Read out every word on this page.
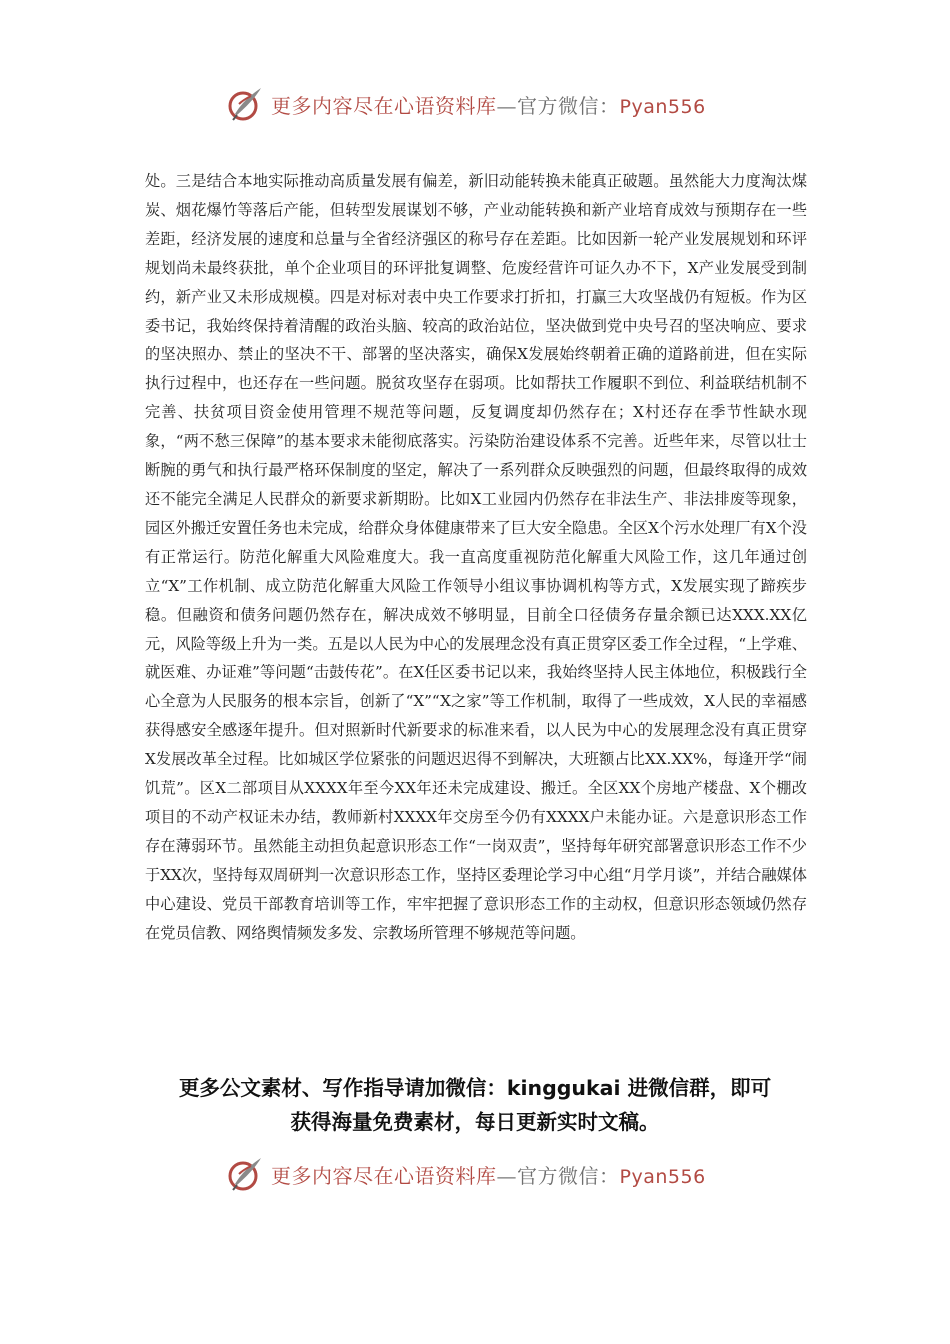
更多内容尽在心语资料库—官方微信：Pyan556

处。三是结合本地实际推动高质量发展有偏差，新旧动能转换未能真正破题。虽然能大力度淘汰煤炭、烟花爆竹等落后产能，但转型发展谋划不够，产业动能转换和新产业培育成效与预期存在一些差距，经济发展的速度和总量与全省经济强区的称号存在差距。比如因新一轮产业发展规划和环评规划尚未最终获批，单个企业项目的环评批复调整、危废经营许可证久办不下，X产业发展受到制约，新产业又未形成规模。四是对标对表中央工作要求打折扣，打赢三大攻坚战仍有短板。作为区委书记，我始终保持着清醒的政治头脑、较高的政治站位，坚决做到党中央号召的坚决响应、要求的坚决照办、禁止的坚决不干、部署的坚决落实，确保X发展始终朝着正确的道路前进，但在实际执行过程中，也还存在一些问题。脱贫攻坚存在弱项。比如帮扶工作履职不到位、利益联结机制不完善、扶贫项目资金使用管理不规范等问题，反复调度却仍然存在；X村还存在季节性缺水现象，“两不愁三保障”的基本要求未能彻底落实。污染防治建设体系不完善。近些年来，尽管以壮士断腕的勇气和执行最严格环保制度的坚定，解决了一系列群众反映强烈的问题，但最终取得的成效还不能完全满足人民群众的新要求新期盼。比如X工业园内仍然存在非法生产、非法排废等现象，园区外搬迁安置任务也未完成，给群众身体健康带来了巨大安全隐患。全区X个污水处理厂有X个没有正常运行。防范化解重大风险难度大。我一直高度重视防范化解重大风险工作，这几年通过创立“X”工作机制、成立防范化解重大风险工作领导小组议事协调机构等方式，X发展实现了蹄疾步稳。但融资和债务问题仍然存在，解决成效不够明显，目前全口径债务存量余额已达XXX.XX亿元，风险等级上升为一类。五是以人民为中心的发展理念没有真正贯穿区委工作全过程，“上学难、就医难、办证难”等问题“击鼓传花”。在X任区委书记以来，我始终坚持人民主体地位，积极践行全心全意为人民服务的根本宗旨，创新了“X”“X之家”等工作机制，取得了一些成效，X人民的幸福感获得感安全感逐年提升。但对照新时代新要求的标准来看，以人民为中心的发展理念没有真正贯穿X发展改革全过程。比如城区学位紧张的问题迟迟得不到解决，大班额占比XX.XX%，每逢开学“闹饥荒”。区X二部项目从XXXX年至今XX年还未完成建设、搬迁。全区XX个房地产楼盘、X个棚改项目的不动产权证未办结，教师新村XXXX年交房至今仍有XXXX户未能办证。六是意识形态工作存在薄弱环节。虽然能主动担负起意识形态工作“一岗双责”，坚持每年研究部署意识形态工作不少于XX次，坚持每双周研判一次意识形态工作，坚持区委理论学习中心组“月学月谈”，并结合融媒体中心建设、党员干部教育培训等工作，牢牢把握了意识形态工作的主动权，但意识形态领域仍然存在党员信教、网络舆情频发多发、宗教场所管理不够规范等问题。

更多公文素材、写作指导请加微信：kinggukai 进微信群，即可
获得海量免费素材，每日更新实时文稿。
更多内容尽在心语资料库—官方微信：Pyan556
